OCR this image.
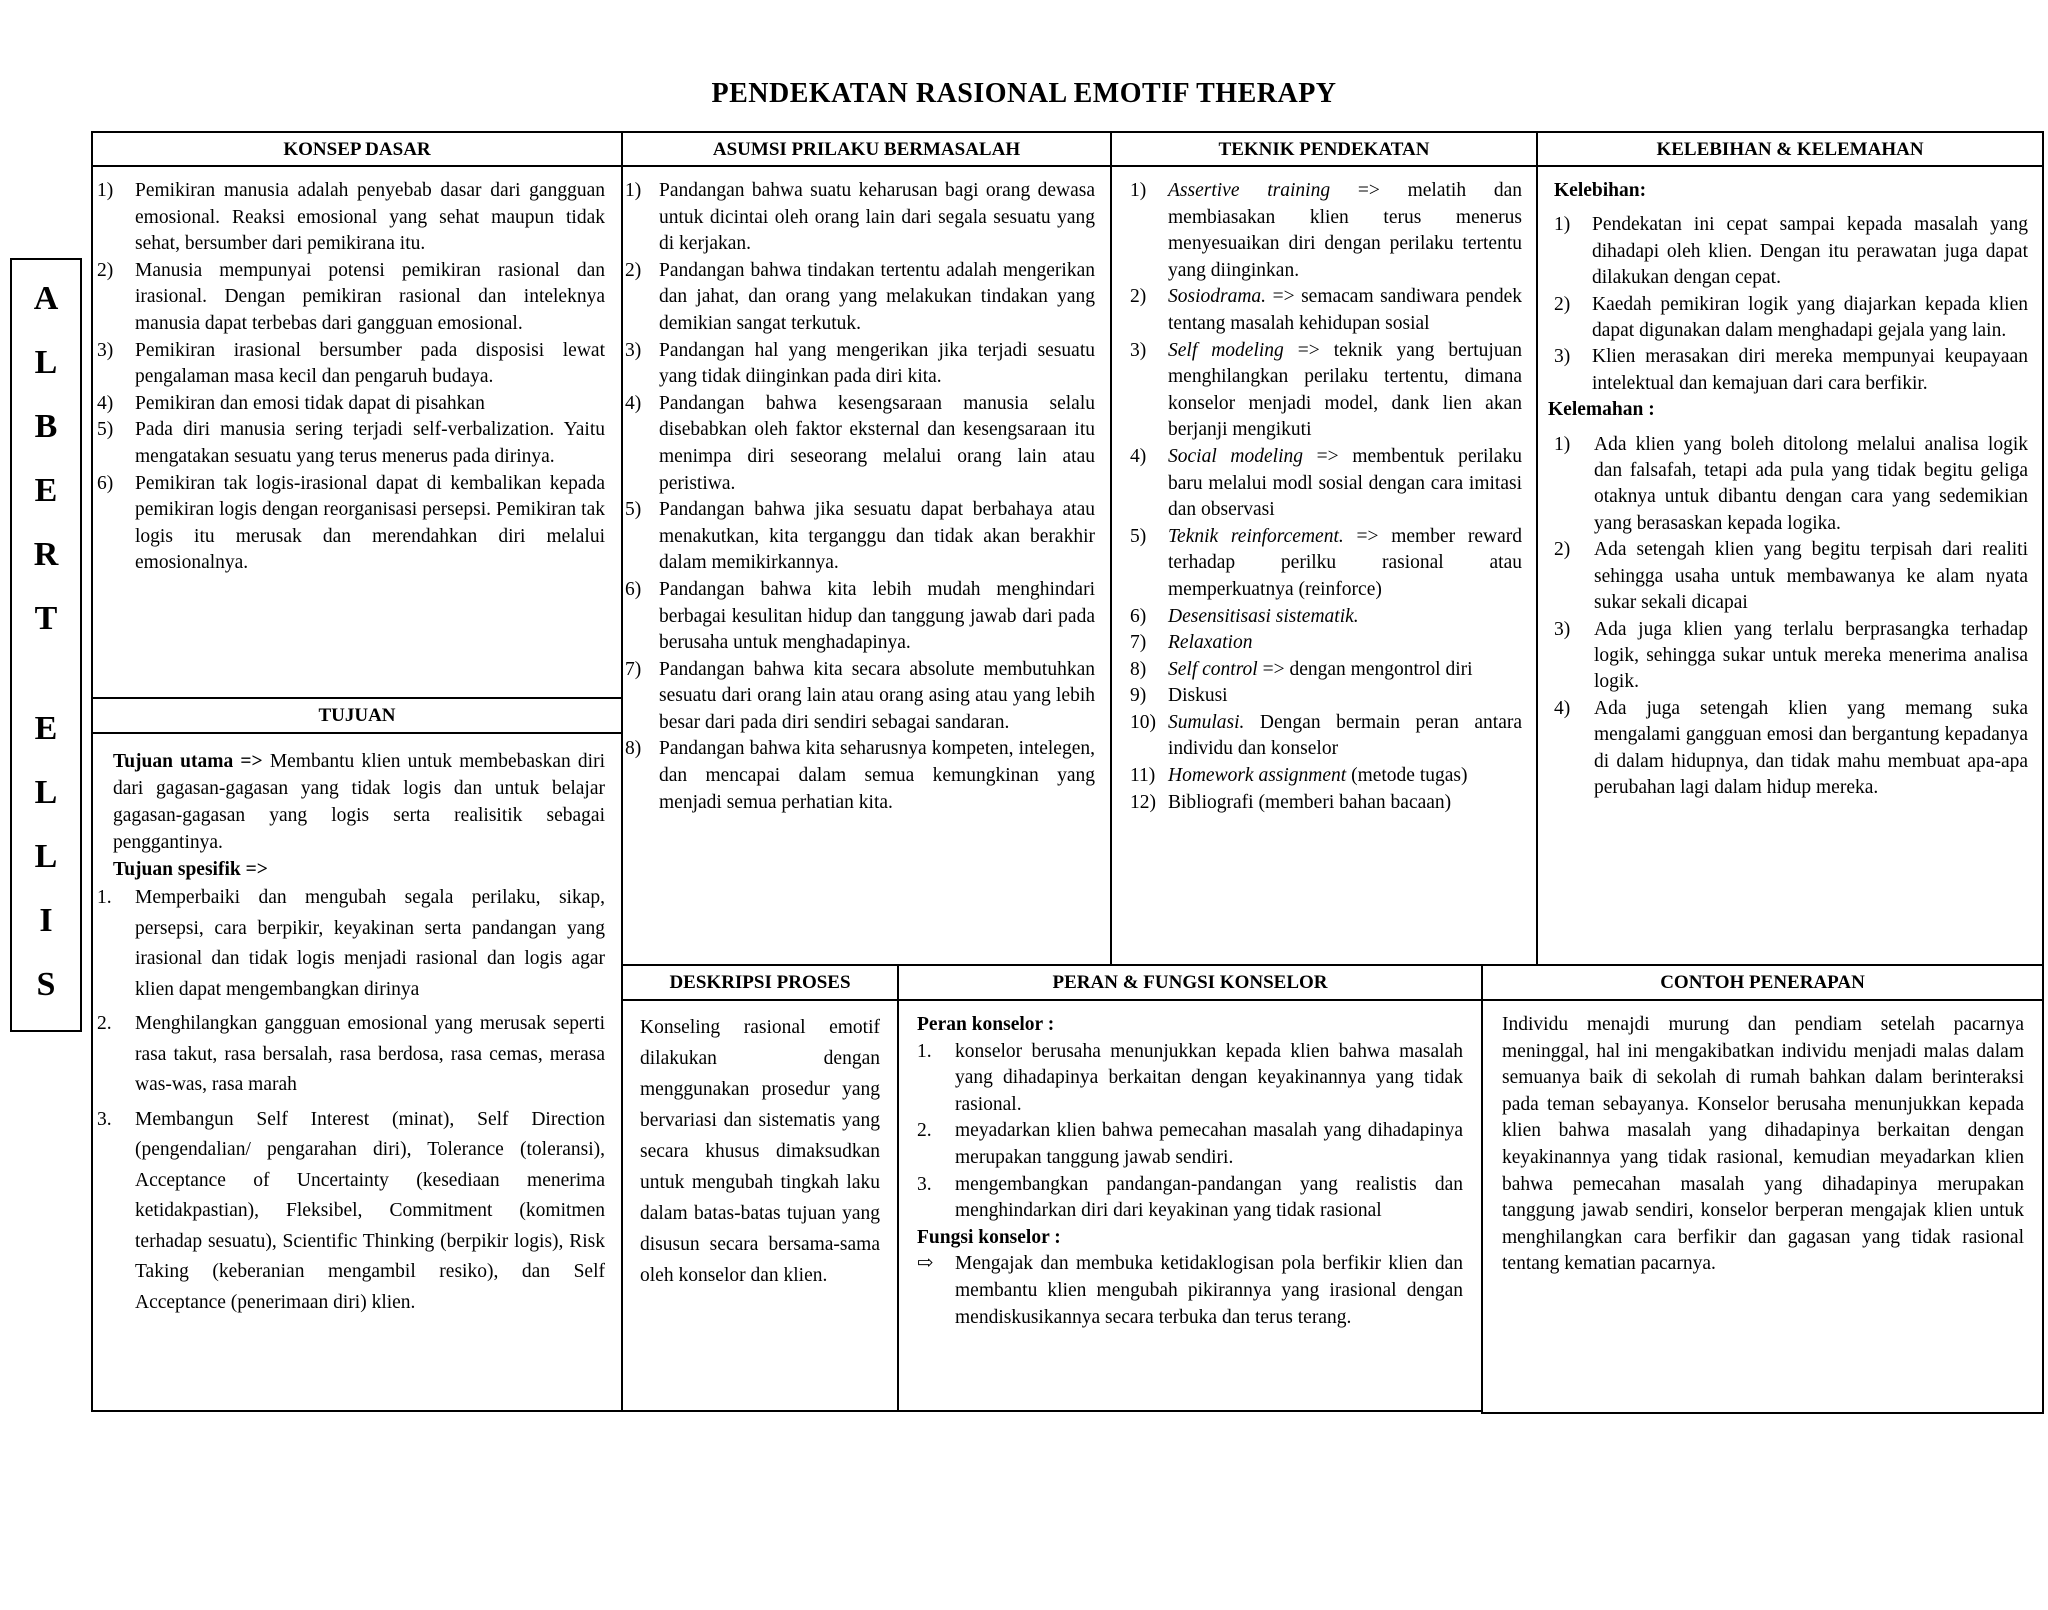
PENDEKATAN RASIONAL EMOTIF THERAPY
A
L
B
E
R
T
E
L
L
I
S
KONSEP DASAR	ASUMSI PRILAKU BERMASALAH	TEKNIK PENDEKATAN	KELEBIHAN & KELEMAHAN
TUJUAN
DESKRIPSI PROSES	PERAN & FUNGSI KONSELOR	CONTOH PENERAPAN
1) Pemikiran manusia adalah penyebab dasar dari gangguan emosional. Reaksi emosional yang sehat maupun tidak sehat, bersumber dari pemikirana itu.
2) Manusia mempunyai potensi pemikiran rasional dan irasional. Dengan pemikiran rasional dan inteleknya manusia dapat terbebas dari gangguan emosional.
3) Pemikiran irasional bersumber pada disposisi lewat pengalaman masa kecil dan pengaruh budaya.
4) Pemikiran dan emosi tidak dapat di pisahkan
5) Pada diri manusia sering terjadi self-verbalization. Yaitu mengatakan sesuatu yang terus menerus pada dirinya.
6) Pemikiran tak logis-irasional dapat di kembalikan kepada pemikiran logis dengan reorganisasi persepsi. Pemikiran tak logis itu merusak dan merendahkan diri melalui emosionalnya.
Tujuan utama => Membantu klien untuk membebaskan diri dari gagasan-gagasan yang tidak logis dan untuk belajar gagasan-gagasan yang logis serta realisitik sebagai penggantinya.
Tujuan spesifik =>
1. Memperbaiki dan mengubah segala perilaku, sikap, persepsi, cara berpikir, keyakinan serta pandangan yang irasional dan tidak logis menjadi rasional dan logis agar klien dapat mengembangkan dirinya
2. Menghilangkan gangguan emosional yang merusak seperti rasa takut, rasa bersalah, rasa berdosa, rasa cemas, merasa was-was, rasa marah
3. Membangun Self Interest (minat), Self Direction (pengendalian/ pengarahan diri), Tolerance (toleransi), Acceptance of Uncertainty (kesediaan menerima ketidakpastian), Fleksibel, Commitment (komitmen terhadap sesuatu), Scientific Thinking (berpikir logis), Risk Taking (keberanian mengambil resiko), dan Self Acceptance (penerimaan diri) klien.
1) Pandangan bahwa suatu keharusan bagi orang dewasa untuk dicintai oleh orang lain dari segala sesuatu yang di kerjakan.
2) Pandangan bahwa tindakan tertentu adalah mengerikan dan jahat, dan orang yang melakukan tindakan yang demikian sangat terkutuk.
3) Pandangan hal yang mengerikan jika terjadi sesuatu yang tidak diinginkan pada diri kita.
4) Pandangan bahwa kesengsaraan manusia selalu disebabkan oleh faktor eksternal dan kesengsaraan itu menimpa diri seseorang melalui orang lain atau peristiwa.
5) Pandangan bahwa jika sesuatu dapat berbahaya atau menakutkan, kita terganggu dan tidak akan berakhir dalam memikirkannya.
6) Pandangan bahwa kita lebih mudah menghindari berbagai kesulitan hidup dan tanggung jawab dari pada berusaha untuk menghadapinya.
7) Pandangan bahwa kita secara absolute membutuhkan sesuatu dari orang lain atau orang asing atau yang lebih besar dari pada diri sendiri sebagai sandaran.
8) Pandangan bahwa kita seharusnya kompeten, intelegen, dan mencapai dalam semua kemungkinan yang menjadi semua perhatian kita.
1) Assertive training => melatih dan membiasakan klien terus menerus menyesuaikan diri dengan perilaku tertentu yang diinginkan.
2) Sosiodrama. => semacam sandiwara pendek tentang masalah kehidupan sosial
3) Self modeling => teknik yang bertujuan menghilangkan perilaku tertentu, dimana konselor menjadi model, dank lien akan berjanji mengikuti
4) Social modeling => membentuk perilaku baru melalui modl sosial dengan cara imitasi dan observasi
5) Teknik reinforcement. => member reward terhadap perilku rasional atau memperkuatnya (reinforce)
6) Desensitisasi sistematik.
7) Relaxation
8) Self control => dengan mengontrol diri
9) Diskusi
10) Sumulasi. Dengan bermain peran antara individu dan konselor
11) Homework assignment (metode tugas)
12) Bibliografi (memberi bahan bacaan)
Kelebihan:
1) Pendekatan ini cepat sampai kepada masalah yang dihadapi oleh klien. Dengan itu perawatan juga dapat dilakukan dengan cepat.
2) Kaedah pemikiran logik yang diajarkan kepada klien dapat digunakan dalam menghadapi gejala yang lain.
3) Klien merasakan diri mereka mempunyai keupayaan intelektual dan kemajuan dari cara berfikir.
Kelemahan :
1) Ada klien yang boleh ditolong melalui analisa logik dan falsafah, tetapi ada pula yang tidak begitu geliga otaknya untuk dibantu dengan cara yang sedemikian yang berasaskan kepada logika.
2) Ada setengah klien yang begitu terpisah dari realiti sehingga usaha untuk membawanya ke alam nyata sukar sekali dicapai
3) Ada juga klien yang terlalu berprasangka terhadap logik, sehingga sukar untuk mereka menerima analisa logik.
4) Ada juga setengah klien yang memang suka mengalami gangguan emosi dan bergantung kepadanya di dalam hidupnya, dan tidak mahu membuat apa-apa perubahan lagi dalam hidup mereka.
Konseling rasional emotif dilakukan dengan menggunakan prosedur yang bervariasi dan sistematis yang secara khusus dimaksudkan untuk mengubah tingkah laku dalam batas-batas tujuan yang disusun secara bersama-sama oleh konselor dan klien.
Peran konselor :
1. konselor berusaha menunjukkan kepada klien bahwa masalah yang dihadapinya berkaitan dengan keyakinannya yang tidak rasional.
2. meyadarkan klien bahwa pemecahan masalah yang dihadapinya merupakan tanggung jawab sendiri.
3. mengembangkan pandangan-pandangan yang realistis dan menghindarkan diri dari keyakinan yang tidak rasional
Fungsi konselor :
⇨ Mengajak dan membuka ketidaklogisan pola berfikir klien dan membantu klien mengubah pikirannya yang irasional dengan mendiskusikannya secara terbuka dan terus terang.
Individu menajdi murung dan pendiam setelah pacarnya meninggal, hal ini mengakibatkan individu menjadi malas dalam semuanya baik di sekolah di rumah bahkan dalam berinteraksi pada teman sebayanya. Konselor berusaha menunjukkan kepada klien bahwa masalah yang dihadapinya berkaitan dengan keyakinannya yang tidak rasional, kemudian meyadarkan klien bahwa pemecahan masalah yang dihadapinya merupakan tanggung jawab sendiri, konselor berperan mengajak klien untuk menghilangkan cara berfikir dan gagasan yang tidak rasional tentang kematian pacarnya.
